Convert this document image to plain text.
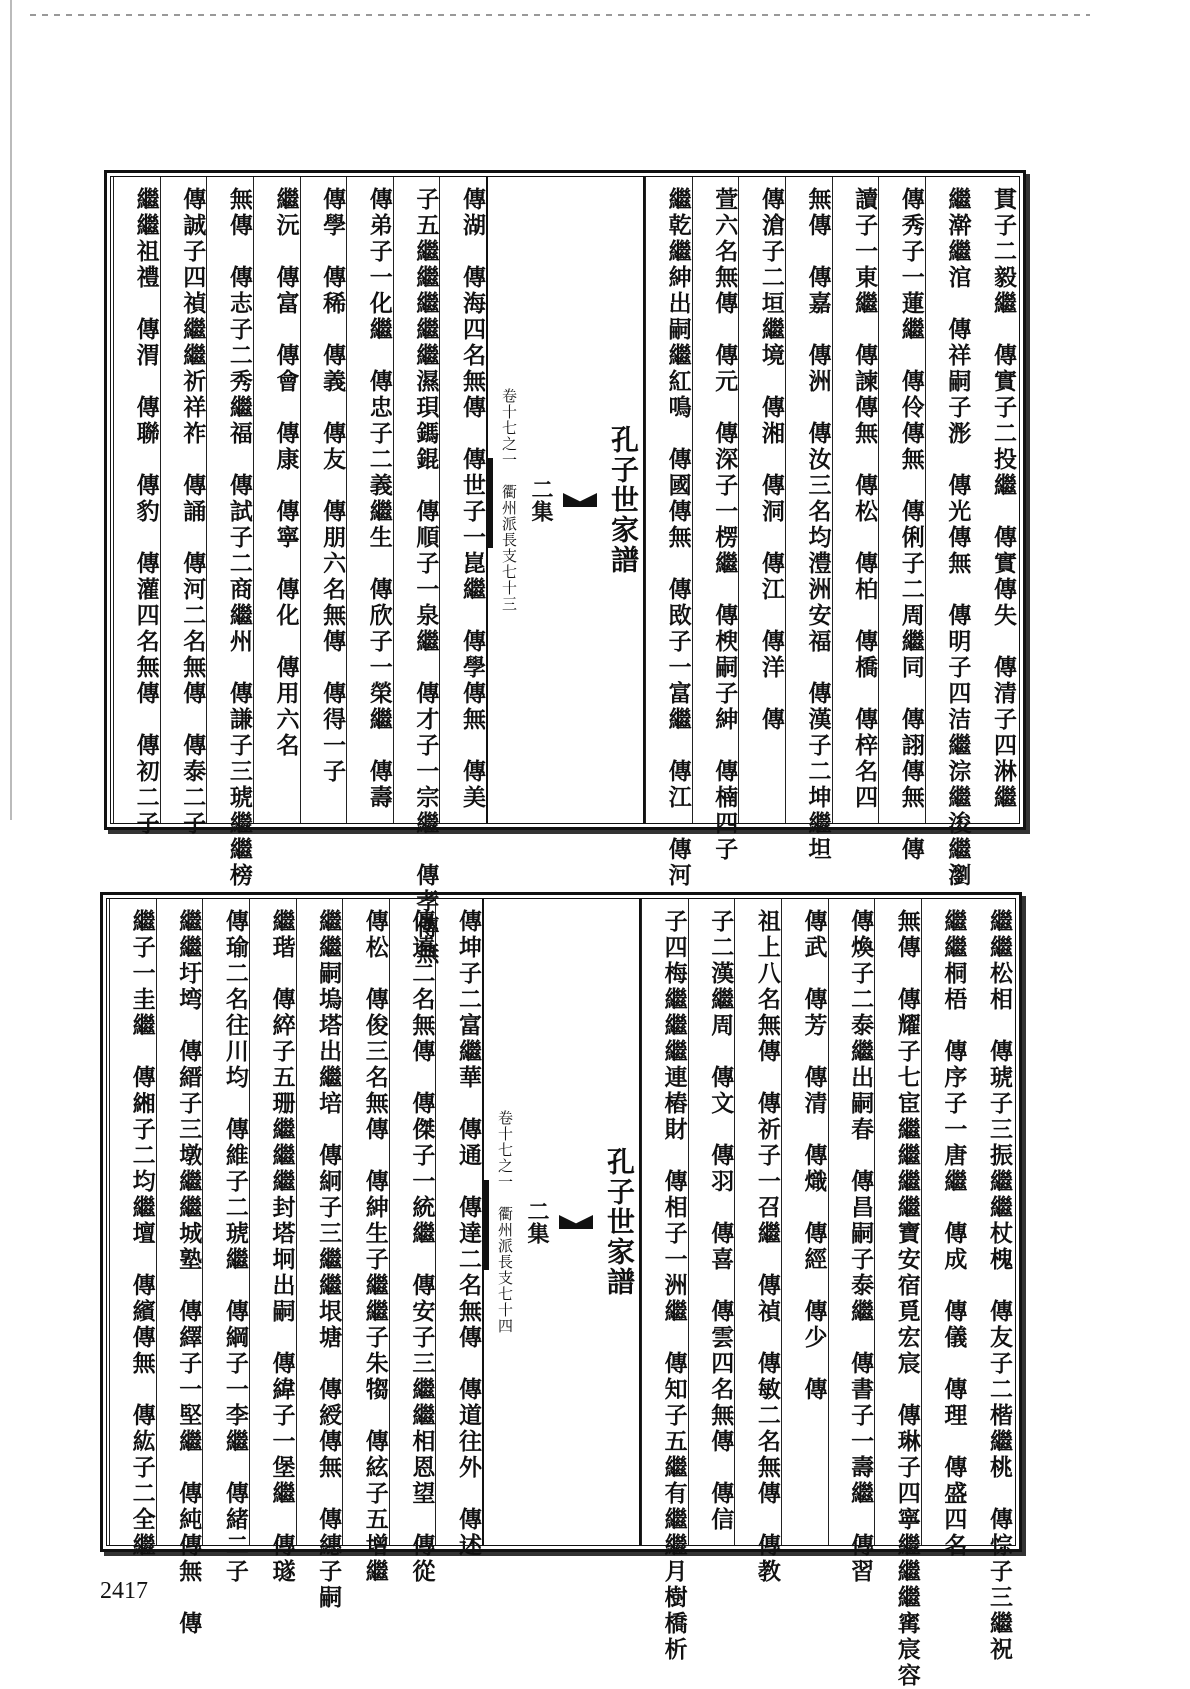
貫子二毅繼　傳實子二投繼　傳實傳失　傳清子四淋繼
繼澣繼涫　傳祥嗣子浵　傳光傳無　傳明子四洁繼淙繼浚繼瀏
傳秀子一蓮繼　傳伶傳無　傳俐子二周繼同　傳詡傳無　傳
讀子一東繼　傳諫傳無　傳松　傳柏　傳橋　傳梓名四
無傳　傳嘉　傳洲　傳汝三名均澧洲安福　傳漢子二坤繼坦
傳滄子二垣繼境　傳湘　傳洞　傳江　傳洋　傳
萱六名無傳　傳元　傳深子一楞繼　傳楰嗣子紳　傳楠四子
繼乾繼紳出嗣繼紅鳴　傳國傳無　傳敃子一富繼　傳江　傳河
孔子世家譜
二集
卷十七之一　衢州派長支七十三
傳湖　傳海四名無傳　傳世子一崑繼　傳學傳無　傳美
子五繼繼繼繼繼濕珼鎷錕　傳順子一泉繼　傳才子一宗繼　傳孝傳無
傳弟子一化繼　傳忠子二義繼生　傳欣子一榮繼　傳壽
傳學　傳稀　傳義　傳友　傳朋六名無傳　傳得一子
繼沅　傳富　傳會　傳康　傳寧　傳化　傳用六名
無傳　傳志子二秀繼福　傳試子二商繼州　傳謙子三琥繼繼榜
傳誠子四禎繼繼祈祥祚　傳誦　傳河二名無傳　傳泰二子
繼繼祖禮　傳渭　傳聯　傳豹　傳灌四名無傳　傳初二子
繼繼松相　傳琥子三振繼繼杖槐　傳友子二楷繼桃　傳悰子三繼祝
繼繼桐梧　傳序子一唐繼　傳成　傳儀　傳理　傳盛四名
無傳　傳耀子七宦繼繼繼繼寶安宿覓宏宸　傳琳子四寧繼繼繼寗宸容
傳煥子二泰繼出嗣春　傳昌嗣子泰繼　傳書子一壽繼　傳習
傳武　傳芳　傳清　傳熾　傳經　傳少　傳
祖上八名無傳　傳祈子一召繼　傳禎　傳敏二名無傳　傳教
子二漢繼周　傳文　傳羽　傳喜　傳雲四名無傳　傳信
子四梅繼繼繼連樁財　傳相子一洲繼　傳知子五繼有繼繼月樹橋析
孔子世家譜
二集
卷十七之一　衢州派長支七十四
傳坤子二富繼華　傳通　傳達二名無傳　傳道往外　傳述
傳遠二名無傳　傳傑子一統繼　傳安子三繼繼相恩望　傳從
傳松　傳俊三名無傳　傳紳生子繼繼子朱犓　傳絃子五增繼
繼繼嗣塢塔出繼培　傳絅子三繼繼垠塘　傳綬傳無　傳繐子嗣
繼瑎　傳綷子五珊繼繼繼封塔坰出嗣　傳緯子一堡繼　傳璲
傳瑜二名往川均　傳維子二琥繼　傳綱子一李繼　傳緒二子
繼繼圩塆　傳縉子三墩繼繼城塾　傳繹子一堅繼　傳純傳無　傳
繼子一圭繼　傳緗子二均繼壇　傳繽傳無　傳紘子二全繼
2417
